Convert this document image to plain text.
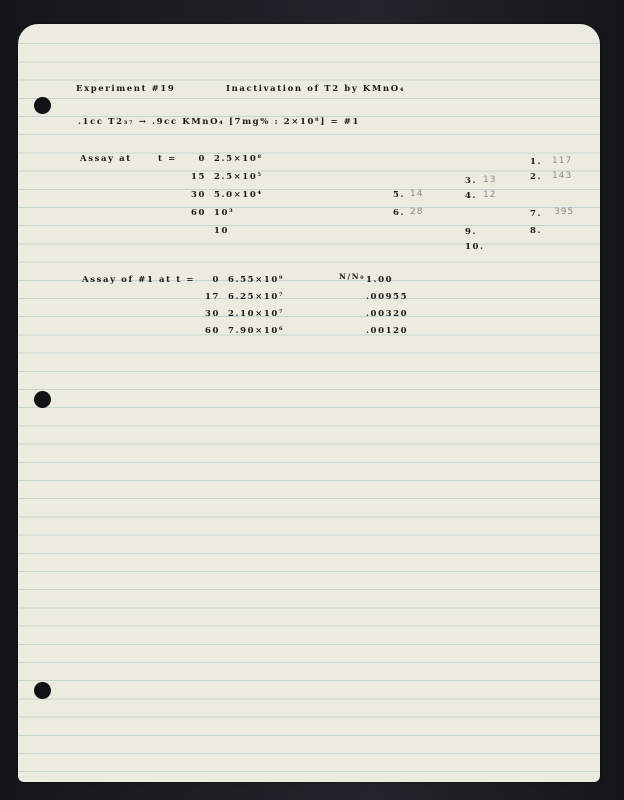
Experiment #19	Inactivation of T2 by KMnO₄
.1cc T2₃₇ → .9cc KMnO₄ [7mg% : 2×10⁸] = #1
Assay at	t =	0 2.5×10⁸
15 2.5×10⁵
30 5.0×10⁴
60 10³
10
5. 14
6. 28
3. 13
4. 12
9.
10.
1. 117
2. 143
7. 395
8.
Assay of #1 at t =	N/N₀
0 6.55×10⁹	1.00
17 6.25×10⁷	.00955
30 2.10×10⁷	.00320
60 7.90×10⁶	.00120
